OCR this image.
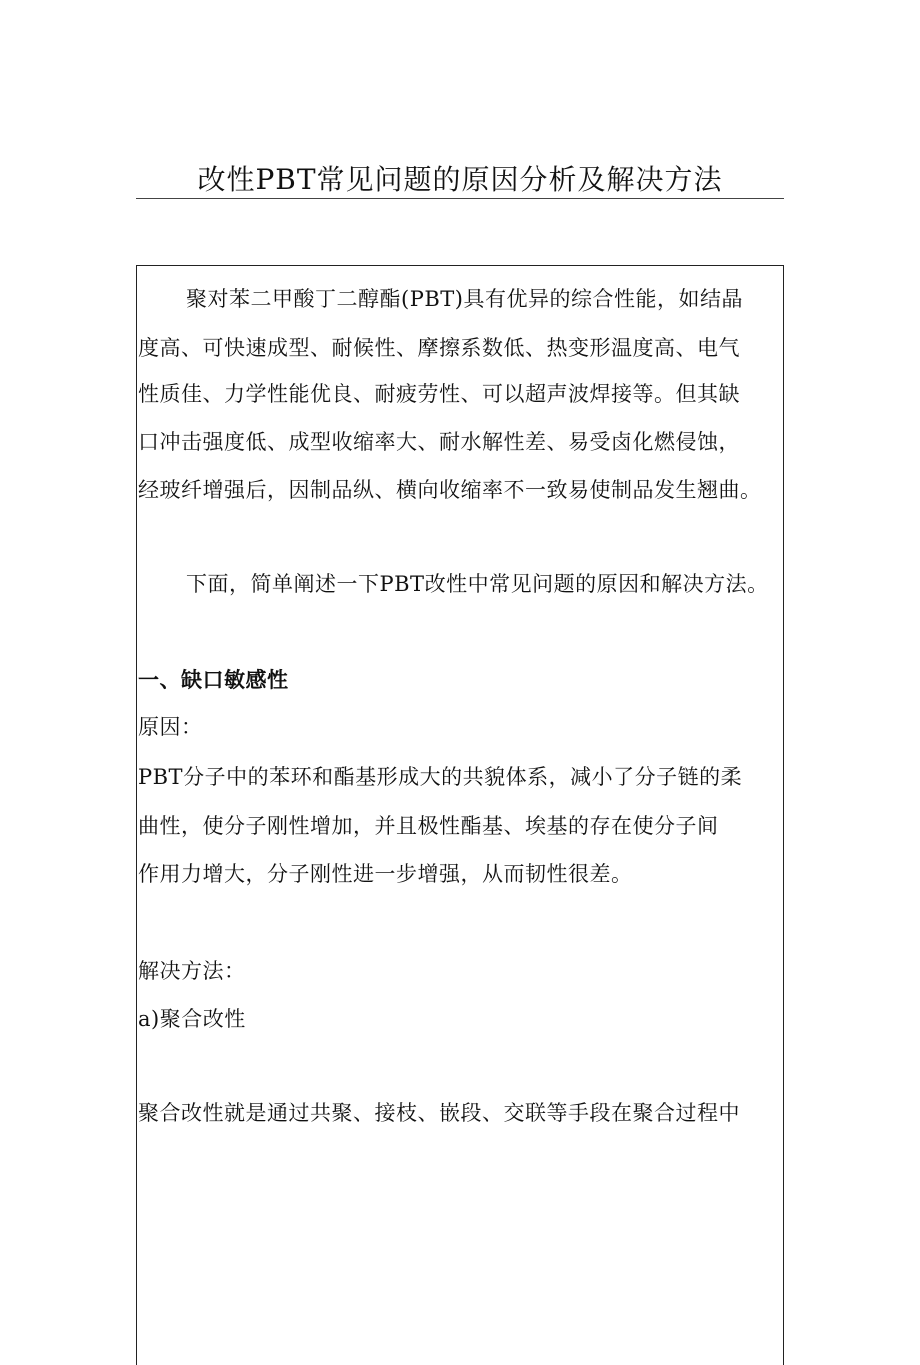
改性PBT常见问题的原因分析及解决方法
聚对苯二甲酸丁二醇酯(PBT)具有优异的综合性能，如结晶
度高、可快速成型、耐候性、摩擦系数低、热变形温度高、电气
性质佳、力学性能优良、耐疲劳性、可以超声波焊接等。但其缺
口冲击强度低、成型收缩率大、耐水解性差、易受卤化燃侵蚀，
经玻纤增强后，因制品纵、横向收缩率不一致易使制品发生翘曲。
下面，简单阐述一下PBT改性中常见问题的原因和解决方法。
一、缺口敏感性
原因：
PBT分子中的苯环和酯基形成大的共貌体系，减小了分子链的柔
曲性，使分子刚性增加，并且极性酯基、埃基的存在使分子间
作用力增大，分子刚性进一步增强，从而韧性很差。
解决方法：
a)聚合改性
聚合改性就是通过共聚、接枝、嵌段、交联等手段在聚合过程中
